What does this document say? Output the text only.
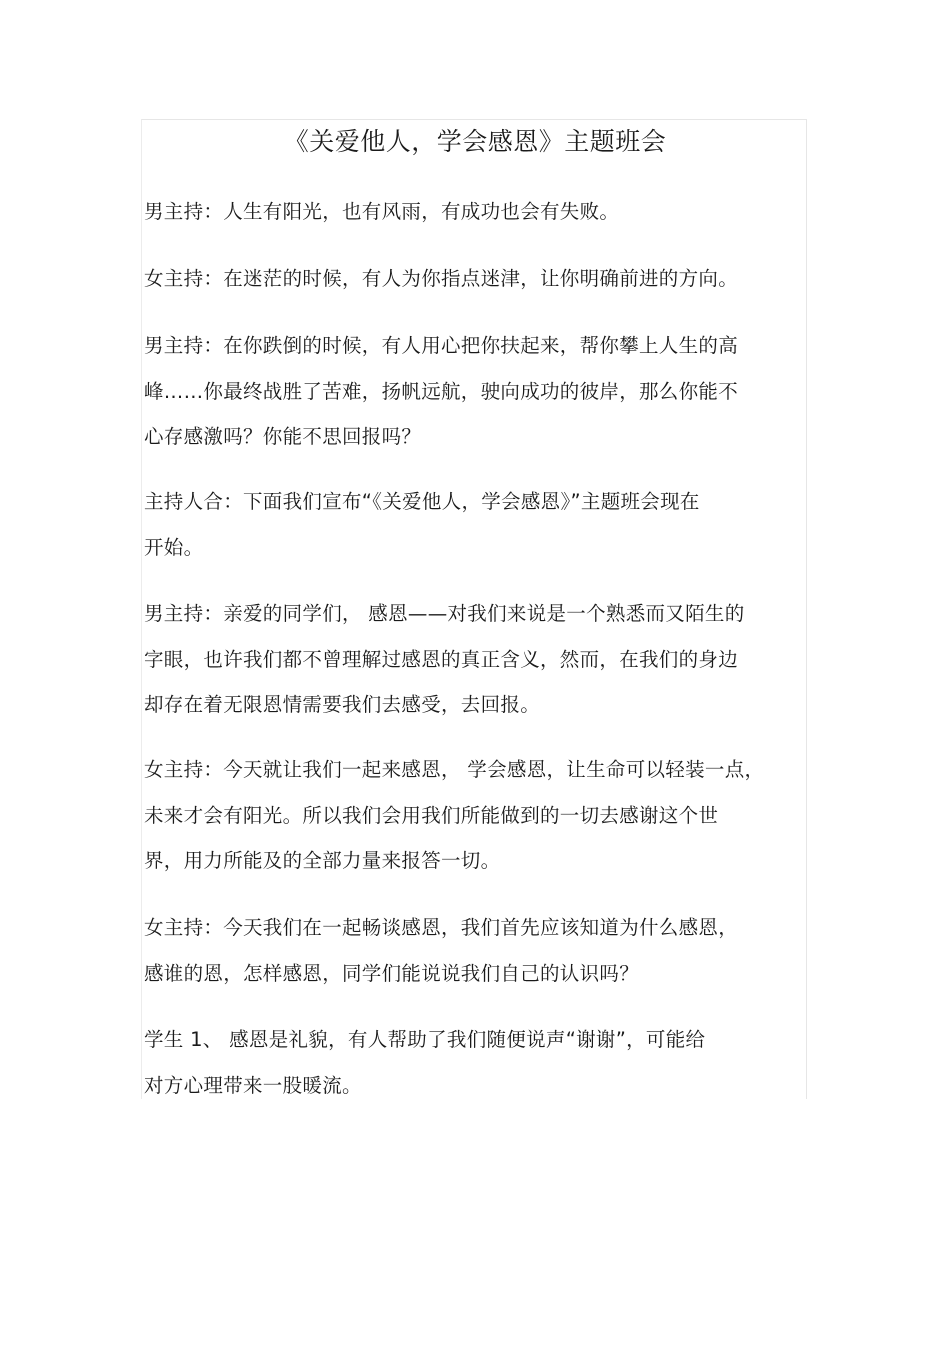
《关爱他人，学会感恩》主题班会
男主持：人生有阳光，也有风雨，有成功也会有失败。
女主持：在迷茫的时候，有人为你指点迷津，让你明确前进的方向。
男主持：在你跌倒的时候，有人用心把你扶起来，帮你攀上人生的高
峰……你最终战胜了苦难，扬帆远航，驶向成功的彼岸，那么你能不
心存感激吗？你能不思回报吗？
主持人合：下面我们宣布“《关爱他人，学会感恩》”主题班会现在
开始。
男主持：亲爱的同学们， 感恩——对我们来说是一个熟悉而又陌生的
字眼，也许我们都不曾理解过感恩的真正含义，然而，在我们的身边
却存在着无限恩情需要我们去感受，去回报。
女主持：今天就让我们一起来感恩， 学会感恩，让生命可以轻装一点，
未来才会有阳光。所以我们会用我们所能做到的一切去感谢这个世
界，用力所能及的全部力量来报答一切。
女主持：今天我们在一起畅谈感恩，我们首先应该知道为什么感恩，
感谁的恩，怎样感恩，同学们能说说我们自己的认识吗？
学生 1、 感恩是礼貌，有人帮助了我们随便说声“谢谢”，可能给
对方心理带来一股暖流。
